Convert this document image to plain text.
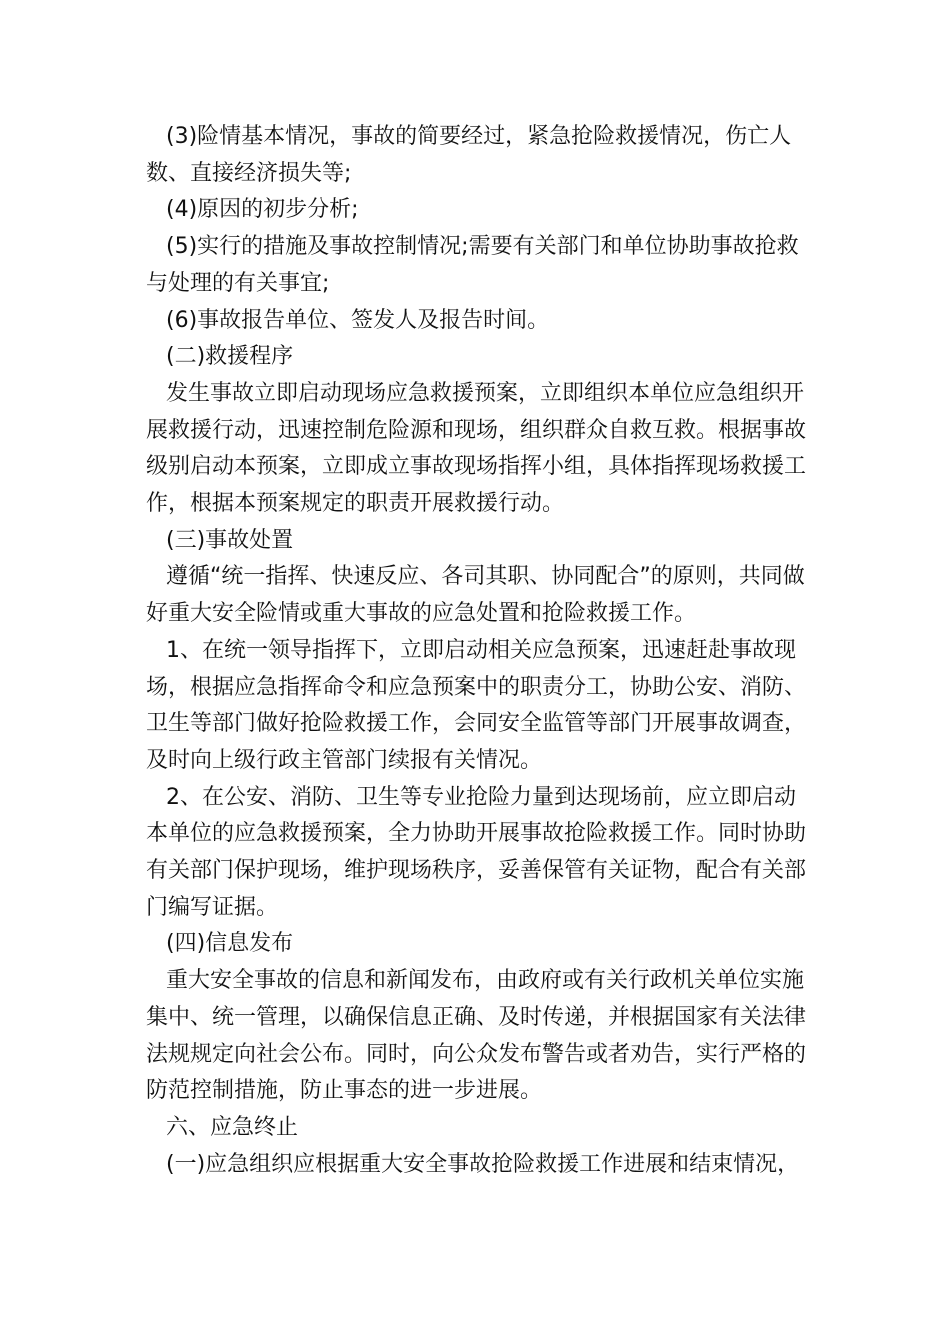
(3)险情基本情况，事故的简要经过，紧急抢险救援情况，伤亡人数、直接经济损失等;

(4)原因的初步分析;

(5)实行的措施及事故控制情况;需要有关部门和单位协助事故抢救与处理的有关事宜;

(6)事故报告单位、签发人及报告时间。

(二)救援程序

发生事故立即启动现场应急救援预案，立即组织本单位应急组织开展救援行动，迅速控制危险源和现场，组织群众自救互救。根据事故级别启动本预案，立即成立事故现场指挥小组，具体指挥现场救援工作，根据本预案规定的职责开展救援行动。

(三)事故处置

遵循“统一指挥、快速反应、各司其职、协同配合”的原则，共同做好重大安全险情或重大事故的应急处置和抢险救援工作。

1、在统一领导指挥下，立即启动相关应急预案，迅速赶赴事故现场，根据应急指挥命令和应急预案中的职责分工，协助公安、消防、卫生等部门做好抢险救援工作，会同安全监管等部门开展事故调查，及时向上级行政主管部门续报有关情况。

2、在公安、消防、卫生等专业抢险力量到达现场前，应立即启动本单位的应急救援预案，全力协助开展事故抢险救援工作。同时协助有关部门保护现场，维护现场秩序，妥善保管有关证物，配合有关部门编写证据。

(四)信息发布

重大安全事故的信息和新闻发布，由政府或有关行政机关单位实施集中、统一管理，以确保信息正确、及时传递，并根据国家有关法律法规规定向社会公布。同时，向公众发布警告或者劝告，实行严格的防范控制措施，防止事态的进一步进展。

六、应急终止

(一)应急组织应根据重大安全事故抢险救援工作进展和结束情况，
